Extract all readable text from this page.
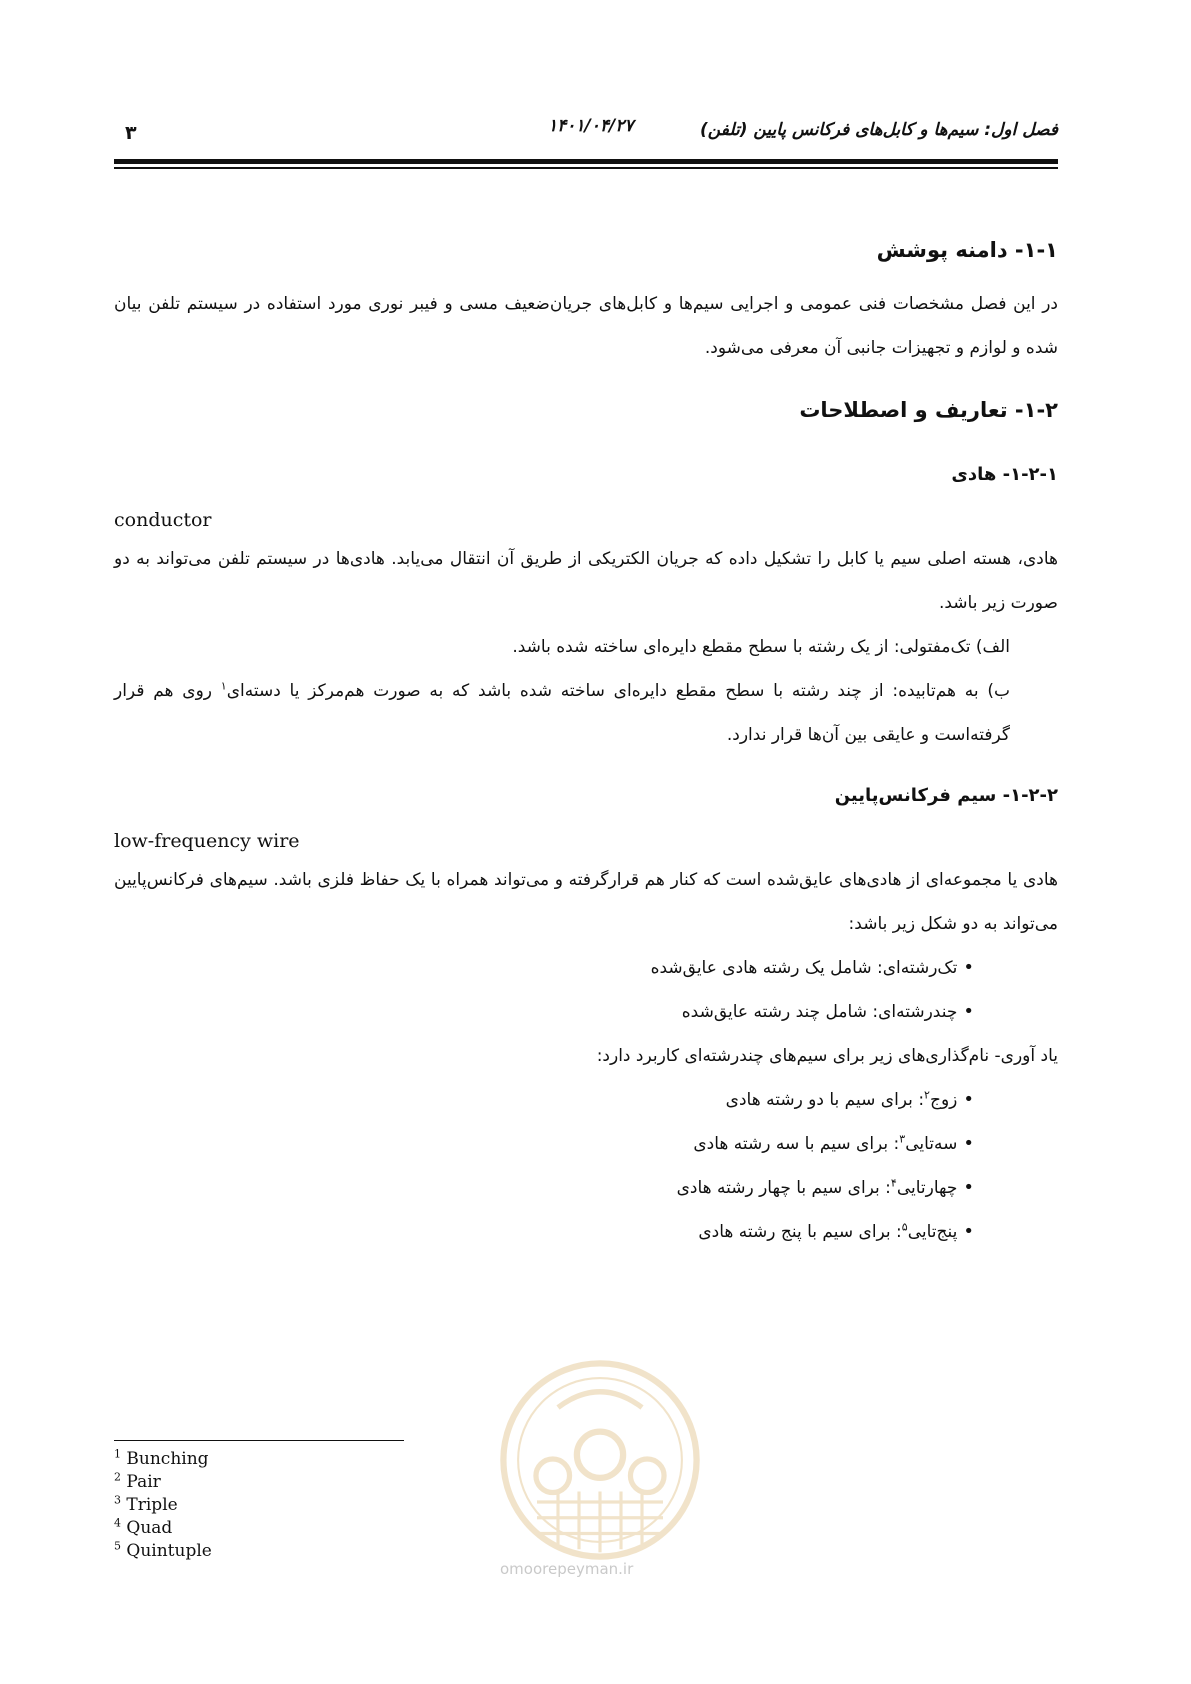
فصل اول: سیم‌ها و کابل‌های فرکانس پایین (تلفن)
۱۴۰۱/۰۴/۲۷
۳
۱-۱- دامنه پوشش

در این فصل مشخصات فنی عمومی و اجرایی سیم‌ها و کابل‌های جریان‌ضعیف مسی و فیبر نوری مورد استفاده در سیستم تلفن بیان شده و لوازم و تجهیزات جانبی آن معرفی می‌شود.

۱-۲- تعاریف و اصطلاحات
۱-۲-۱- هادی

conductor

هادی، هسته اصلی سیم یا کابل را تشکیل داده که جریان الکتریکی از طریق آن انتقال می‌یابد. هادی‌ها در سیستم تلفن می‌تواند به دو صورت زیر باشد.

الف) تک‌مفتولی: از یک رشته با سطح مقطع دایره‌ای ساخته شده باشد.

ب) به هم‌تابیده: از چند رشته با سطح مقطع دایره‌ای ساخته شده باشد که به صورت هم‌مرکز یا دسته‌ای$^۱$ روی هم قرار گرفته‌است و عایقی بین آن‌ها قرار ندارد.

۱-۲-۲- سیم فرکانس‌پایین

low-frequency wire

هادی یا مجموعه‌ای از هادی‌های عایق‌شده است که کنار هم قرارگرفته و می‌تواند همراه با یک حفاظ فلزی باشد. سیم‌های فرکانس‌پایین می‌تواند به دو شکل زیر باشد:

•تک‌رشته‌ای: شامل یک رشته هادی عایق‌شده
•چندرشته‌ای: شامل چند رشته عایق‌شده

یاد آوری- نام‌گذاری‌های زیر برای سیم‌های چندرشته‌ای کاربرد دارد:

•زوج$^۲$: برای سیم با دو رشته هادی
•سه‌تایی$^۳$: برای سیم با سه رشته هادی
•چهارتایی$^۴$: برای سیم با چهار رشته هادی
•پنج‌تایی$^۵$: برای سیم با پنج رشته هادی
omoorepeyman.ir
$^1$ Bunching
$^2$ Pair
$^3$ Triple
$^4$ Quad
$^5$ Quintuple
